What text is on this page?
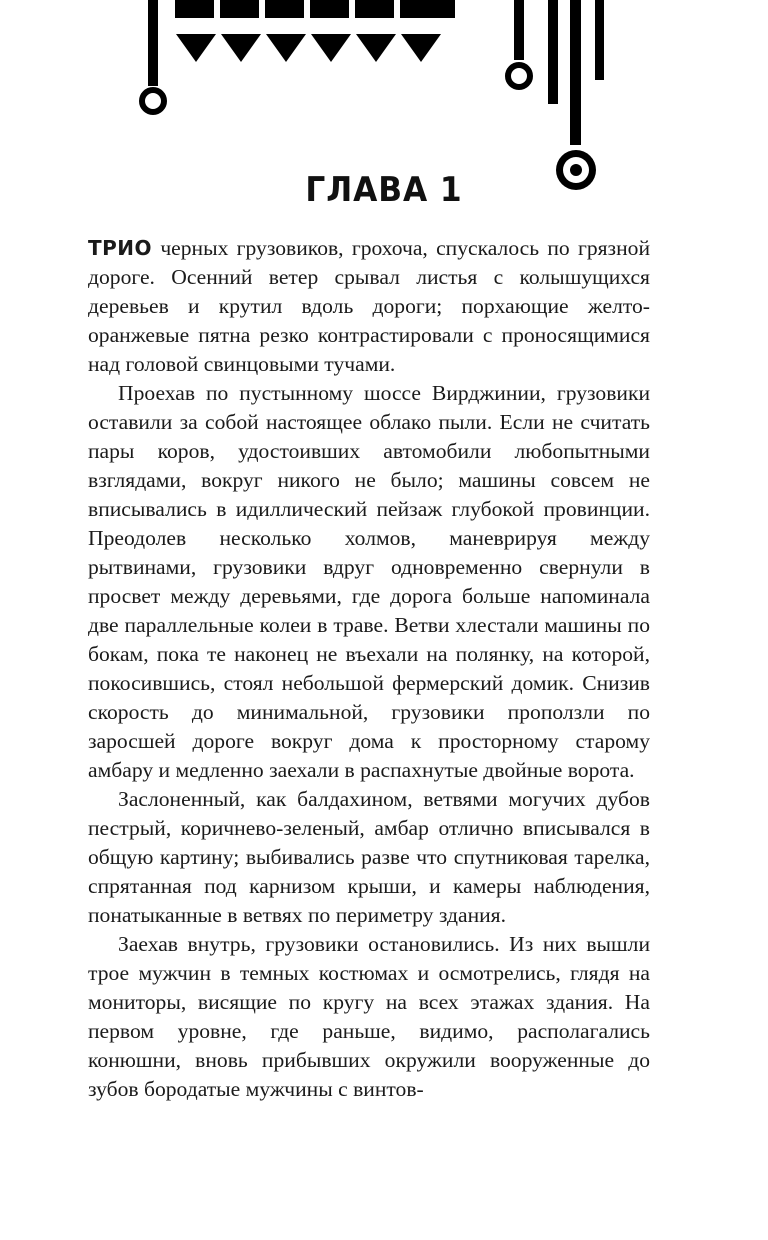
ГЛАВА 1

ТРИО черных грузовиков, грохоча, спускалось по грязной дороге. Осенний ветер срывал листья с колышущихся деревьев и крутил вдоль дороги; порхающие желто-оранжевые пятна резко контрастировали с проносящимися над головой свинцовыми тучами.

Проехав по пустынному шоссе Вирджинии, грузовики оставили за собой настоящее облако пыли. Если не считать пары коров, удостоивших автомобили любопытными взглядами, вокруг никого не было; машины совсем не вписывались в идиллический пейзаж глубокой провинции. Преодолев несколько холмов, маневрируя между рытвинами, грузовики вдруг одновременно свернули в просвет между деревьями, где дорога больше напоминала две параллельные колеи в траве. Ветви хлестали машины по бокам, пока те наконец не въехали на полянку, на которой, покосившись, стоял небольшой фермерский домик. Снизив скорость до минимальной, грузовики проползли по заросшей дороге вокруг дома к просторному старому амбару и медленно заехали в распахнутые двойные ворота.

Заслоненный, как балдахином, ветвями могучих дубов пестрый, коричнево-зеленый, амбар отлично вписывался в общую картину; выбивались разве что спутниковая тарелка, спрятанная под карнизом крыши, и камеры наблюдения, понатыканные в ветвях по периметру здания.

Заехав внутрь, грузовики остановились. Из них вышли трое мужчин в темных костюмах и осмотрелись, глядя на мониторы, висящие по кругу на всех этажах здания. На первом уровне, где раньше, видимо, располагались конюшни, вновь прибывших окружили вооруженные до зубов бородатые мужчины с винтов-
